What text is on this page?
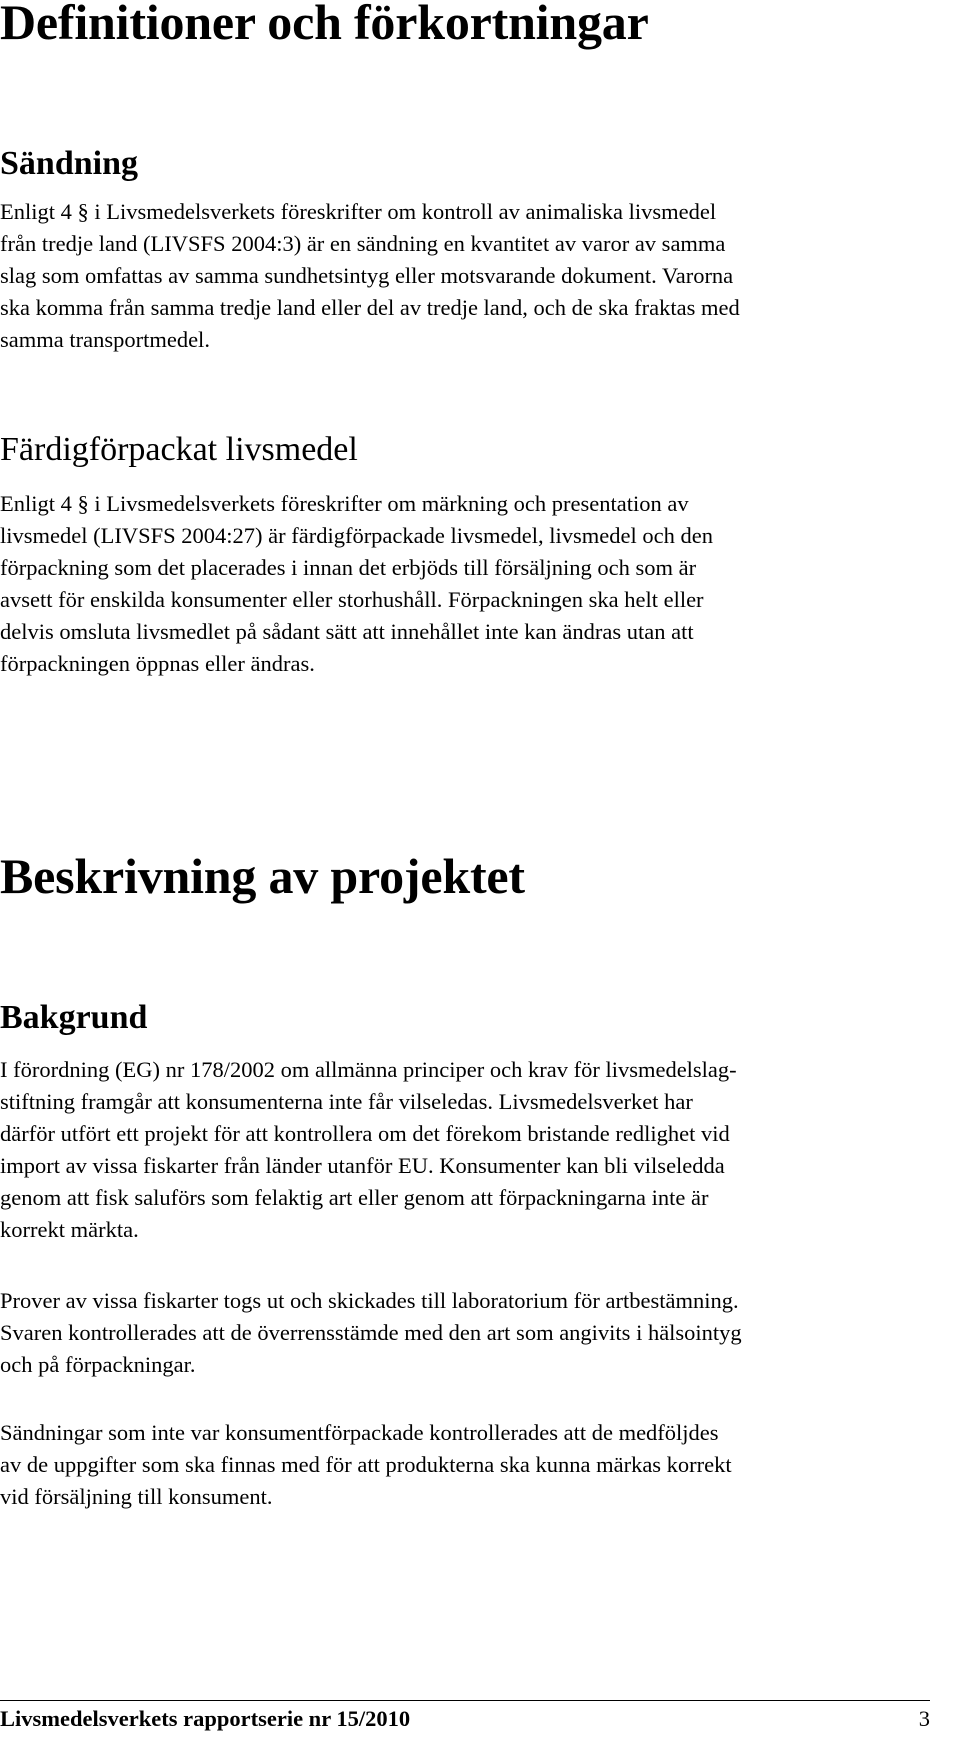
Definitioner och förkortningar
Sändning

Enligt 4 § i Livsmedelsverkets föreskrifter om kontroll av animaliska livsmedel
från tredje land (LIVSFS 2004:3) är en sändning en kvantitet av varor av samma
slag som omfattas av samma sundhetsintyg eller motsvarande dokument. Varorna
ska komma från samma tredje land eller del av tredje land, och de ska fraktas med
samma transportmedel.

Färdigförpackat livsmedel

Enligt 4 § i Livsmedelsverkets föreskrifter om märkning och presentation av
livsmedel (LIVSFS 2004:27) är färdigförpackade livsmedel, livsmedel och den
förpackning som det placerades i innan det erbjöds till försäljning och som är
avsett för enskilda konsumenter eller storhushåll. Förpackningen ska helt eller
delvis omsluta livsmedlet på sådant sätt att innehållet inte kan ändras utan att
förpackningen öppnas eller ändras.

Beskrivning av projektet
Bakgrund

I förordning (EG) nr 178/2002 om allmänna principer och krav för livsmedelslag-
stiftning framgår att konsumenterna inte får vilseledas. Livsmedelsverket har
därför utfört ett projekt för att kontrollera om det förekom bristande redlighet vid
import av vissa fiskarter från länder utanför EU. Konsumenter kan bli vilseledda
genom att fisk saluförs som felaktig art eller genom att förpackningarna inte är
korrekt märkta.

Prover av vissa fiskarter togs ut och skickades till laboratorium för artbestämning.
Svaren kontrollerades att de överrensstämde med den art som angivits i hälsointyg
och på förpackningar.

Sändningar som inte var konsumentförpackade kontrollerades att de medföljdes
av de uppgifter som ska finnas med för att produkterna ska kunna märkas korrekt
vid försäljning till konsument.

Livsmedelsverkets rapportserie nr 15/2010	3
